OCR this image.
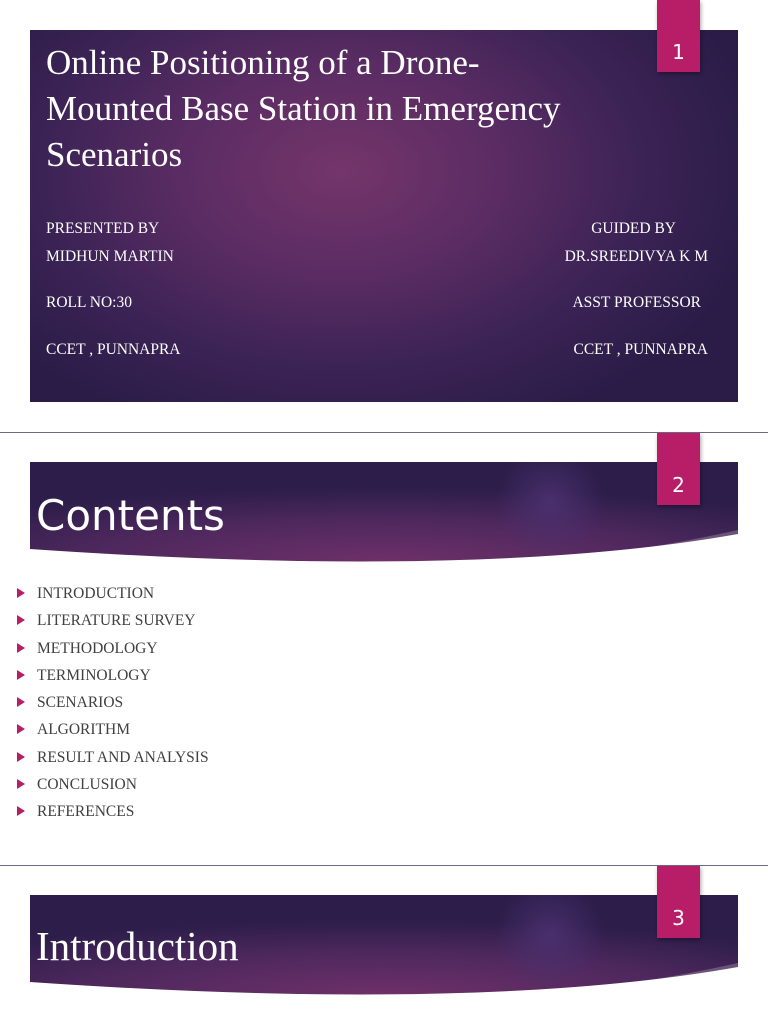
Online Positioning of a Drone-Mounted Base Station in Emergency Scenarios
PRESENTED BY
MIDHUN MARTIN
ROLL NO:30
CCET , PUNNAPRA
GUIDED BY
DR.SREEDIVYA K M
ASST PROFESSOR
CCET , PUNNAPRA
1
Contents
INTRODUCTION
LITERATURE SURVEY
METHODOLOGY
TERMINOLOGY
SCENARIOS
ALGORITHM
RESULT AND ANALYSIS
CONCLUSION
REFERENCES
2
Introduction
3
